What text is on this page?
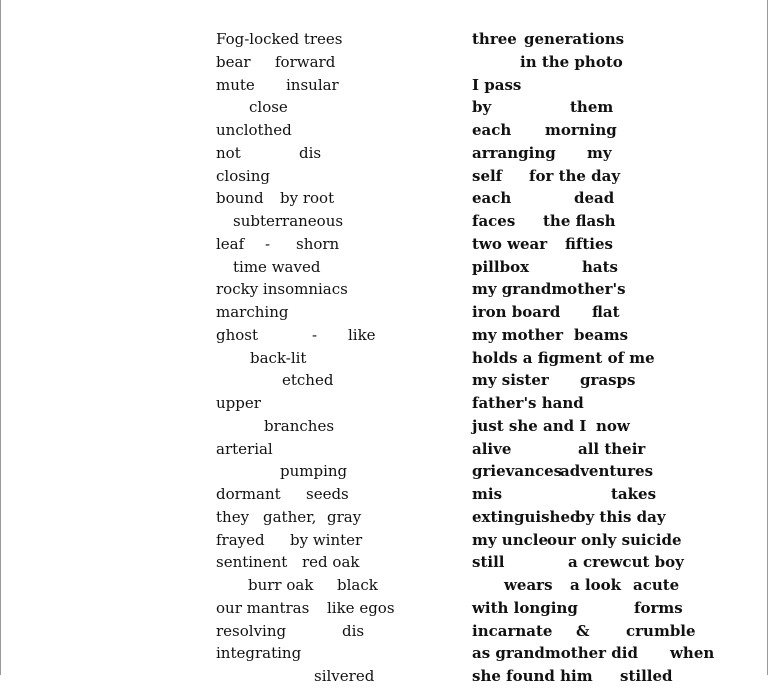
Fog-locked trees
bear forward
mute insular
close
unclothed
not	dis
closing
bound by root
subterraneous
leaf - shorn
time waved
rocky insomniacs
marching
ghost	- like
back-lit
etched
upper
branches
arterial
pumping
dormant seeds
they gather, gray
frayed by winter
sentinent red oak
burr oak black
our mantras like egos
resolving	dis
integrating
silvered
three generations
in the photo
I pass
by	them
each morning
arranging my
self for the day
each	dead
faces the flash
two wear fifties
pillbox	hats
my grandmother's
iron board flat
my mother beams
holds a figment of me
my sister grasps
father's hand
just she and I now
alive	all their
grievances
adventures
mis	takes
extinguished
by this day
my uncle our only suicide
still	a crewcut boy
wears a look acute
with longing	forms
incarnate & crumble
as grandmother did when
she found him stilled
